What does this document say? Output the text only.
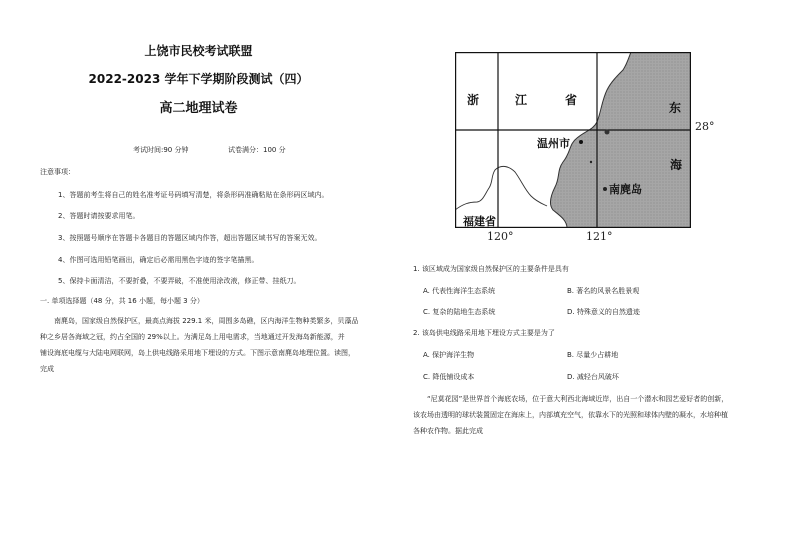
上饶市民校考试联盟
2022-2023 学年下学期阶段测试（四）
高二地理试卷
考试时间:90 分钟	试卷满分：100 分
注意事项：
1、答题前考生将自己的姓名准考证号码填写清楚，将条形码准确粘贴在条形码区域内。
2、答题时请按要求用笔。
3、按照题号顺序在答题卡各题目的答题区域内作答，超出答题区域书写的答案无效。
4、作图可选用铅笔画出，确定后必需用黑色字迹的签字笔描黑。
5、保持卡面清洁，不要折叠，不要弄破，不准使用涂改液，修正带、挂纸刀。
一. 单项选择题（48 分，共 16 小题，每小题 3 分）
南麂岛，国家级自然保护区，最高点海拔 229.1 米，周围多岛礁，区内海洋生物种类繁多，贝藻品
种之乡居各海域之冠，约占全国的 29%以上。为满足岛上用电需求，当地通过开发海岛新能源，并
铺设海底电缆与大陆电网联网，岛上供电线路采用地下埋设的方式。下图示意南麂岛地理位置。读图，
完成
浙	江	省
东
海
温州市
南麂岛
福建省
28°
120°	121°
1. 该区域成为国家级自然保护区的主要条件是具有
A. 代表性海洋生态系统	B. 著名的风景名胜景观
C. 复杂的陆地生态系统	D. 特殊意义的自然遗迹
2. 该岛供电线路采用地下埋设方式主要是为了
A. 保护海洋生物	B. 尽量少占耕地
C. 降低铺设成本	D. 减轻台风破坏
“尼莫花园”是世界首个海底农场，位于意大利西北海域近岸，出自一个潜水和园艺爱好者的创新，
该农场由透明的球状装置固定在海床上，内部填充空气，依靠水下的光照和球体内壁的凝水，水培种植
各种农作物。据此完成
